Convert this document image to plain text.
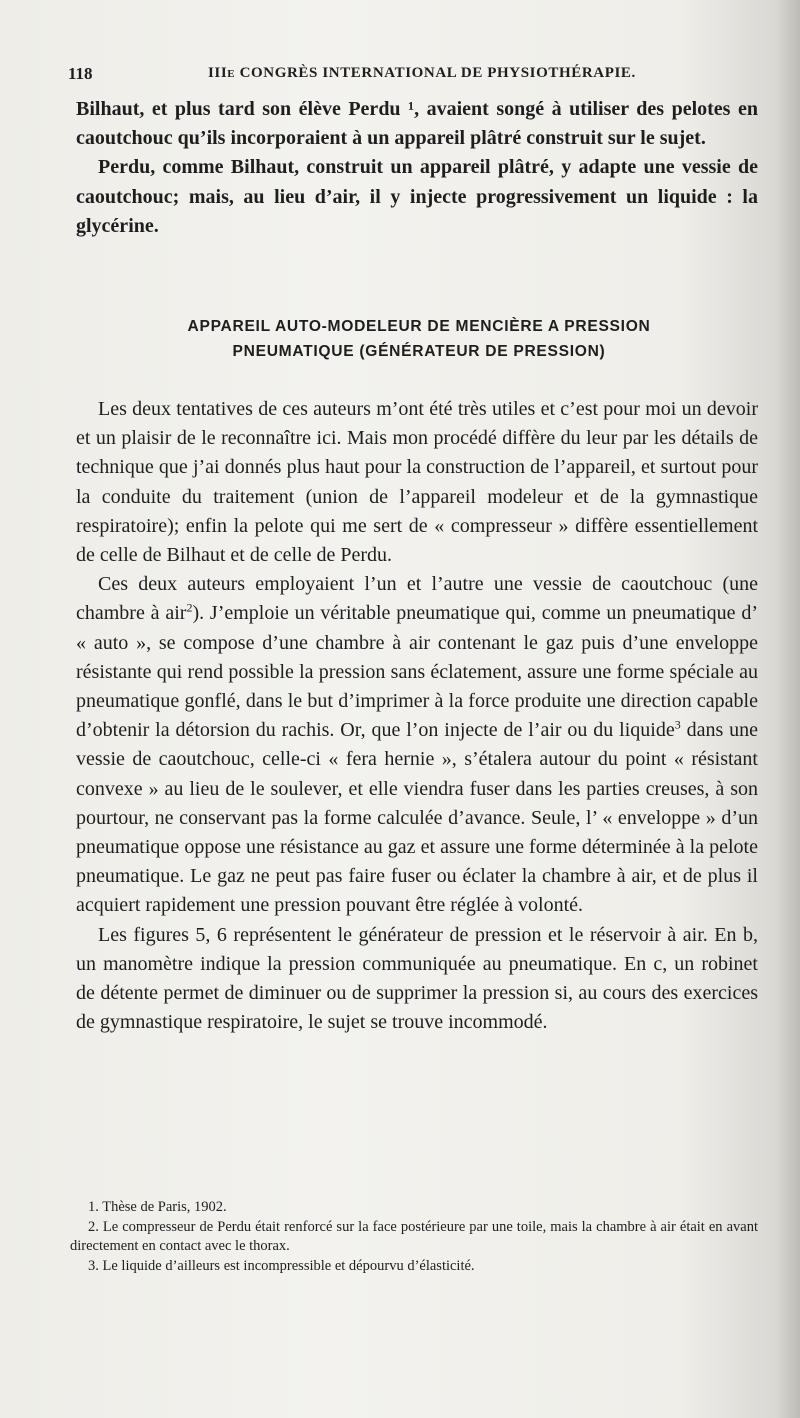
118	IIIe CONGRÈS INTERNATIONAL DE PHYSIOTHÉRAPIE.

Bilhaut, et plus tard son élève Perdu ¹, avaient songé à utiliser des pelotes en caoutchouc qu’ils incorporaient à un appareil plâtré construit sur le sujet.

Perdu, comme Bilhaut, construit un appareil plâtré, y adapte une vessie de caoutchouc; mais, au lieu d’air, il y injecte progressivement un liquide : la glycérine.

APPAREIL AUTO-MODELEUR DE MENCIÈRE A PRESSION
PNEUMATIQUE (GÉNÉRATEUR DE PRESSION)

Les deux tentatives de ces auteurs m’ont été très utiles et c’est pour moi un devoir et un plaisir de le reconnaître ici. Mais mon procédé diffère du leur par les détails de technique que j’ai donnés plus haut pour la construction de l’appareil, et surtout pour la conduite du traitement (union de l’appareil modeleur et de la gymnastique respiratoire); enfin la pelote qui me sert de « compresseur » diffère essentiellement de celle de Bilhaut et de celle de Perdu.

Ces deux auteurs employaient l’un et l’autre une vessie de caoutchouc (une chambre à air$^2$). J’emploie un véritable pneumatique qui, comme un pneumatique d’ « auto », se compose d’une chambre à air contenant le gaz puis d’une enveloppe résistante qui rend possible la pression sans éclatement, assure une forme spéciale au pneumatique gonflé, dans le but d’imprimer à la force produite une direction capable d’obtenir la détorsion du rachis. Or, que l’on injecte de l’air ou du liquide$^3$ dans une vessie de caoutchouc, celle-ci « fera hernie », s’étalera autour du point « résistant convexe » au lieu de le soulever, et elle viendra fuser dans les parties creuses, à son pourtour, ne conservant pas la forme calculée d’avance. Seule, l’ « enveloppe » d’un pneumatique oppose une résistance au gaz et assure une forme déterminée à la pelote pneumatique. Le gaz ne peut pas faire fuser ou éclater la chambre à air, et de plus il acquiert rapidement une pression pouvant être réglée à volonté.

Les figures 5, 6 représentent le générateur de pression et le réservoir à air. En b, un manomètre indique la pression communiquée au pneumatique. En c, un robinet de détente permet de diminuer ou de supprimer la pression si, au cours des exercices de gymnastique respiratoire, le sujet se trouve incommodé.

1. Thèse de Paris, 1902.

2. Le compresseur de Perdu était renforcé sur la face postérieure par une toile, mais la chambre à air était en avant directement en contact avec le thorax.

3. Le liquide d’ailleurs est incompressible et dépourvu d’élasticité.
